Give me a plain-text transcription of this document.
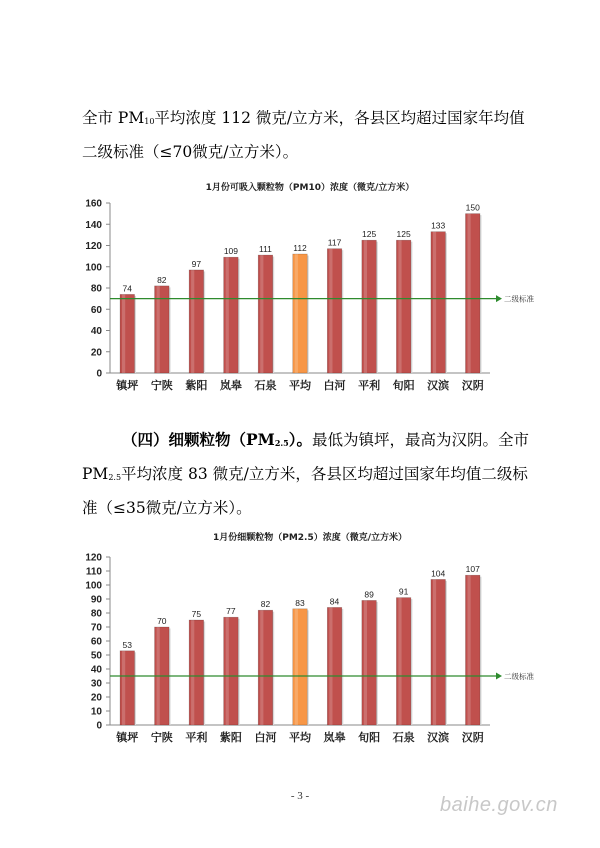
全市 $PM_{10}$平均浓度 112 微克/立方米，各县区均超过国家年均值二级标准（≤70微克/立方米）。

1月份可吸入颗粒物（PM10）浓度（微克/立方米）
0
20
40
60
80
100
120
140
160
74
镇坪
82
宁陕
97
紫阳
109
岚皋
111
石泉
112
平均
117
白河
125
平利
125
旬阳
133
汉滨
150
汉阴
二级标准

（四）细颗粒物$(PM_{2.5})$。最低为镇坪，最高为汉阴。全市 $PM_{2.5}$平均浓度 83 微克/立方米，各县区均超过国家年均值二级标准（≤35微克/立方米）。

1月份细颗粒物（PM2.5）浓度（微克/立方米）
0
10
20
30
40
50
60
70
80
90
100
110
120
53
镇坪
70
宁陕
75
平利
77
紫阳
82
白河
83
平均
84
岚皋
89
旬阳
91
石泉
104
汉滨
107
汉阴
二级标准
- 3 -	baihe.gov.cn
